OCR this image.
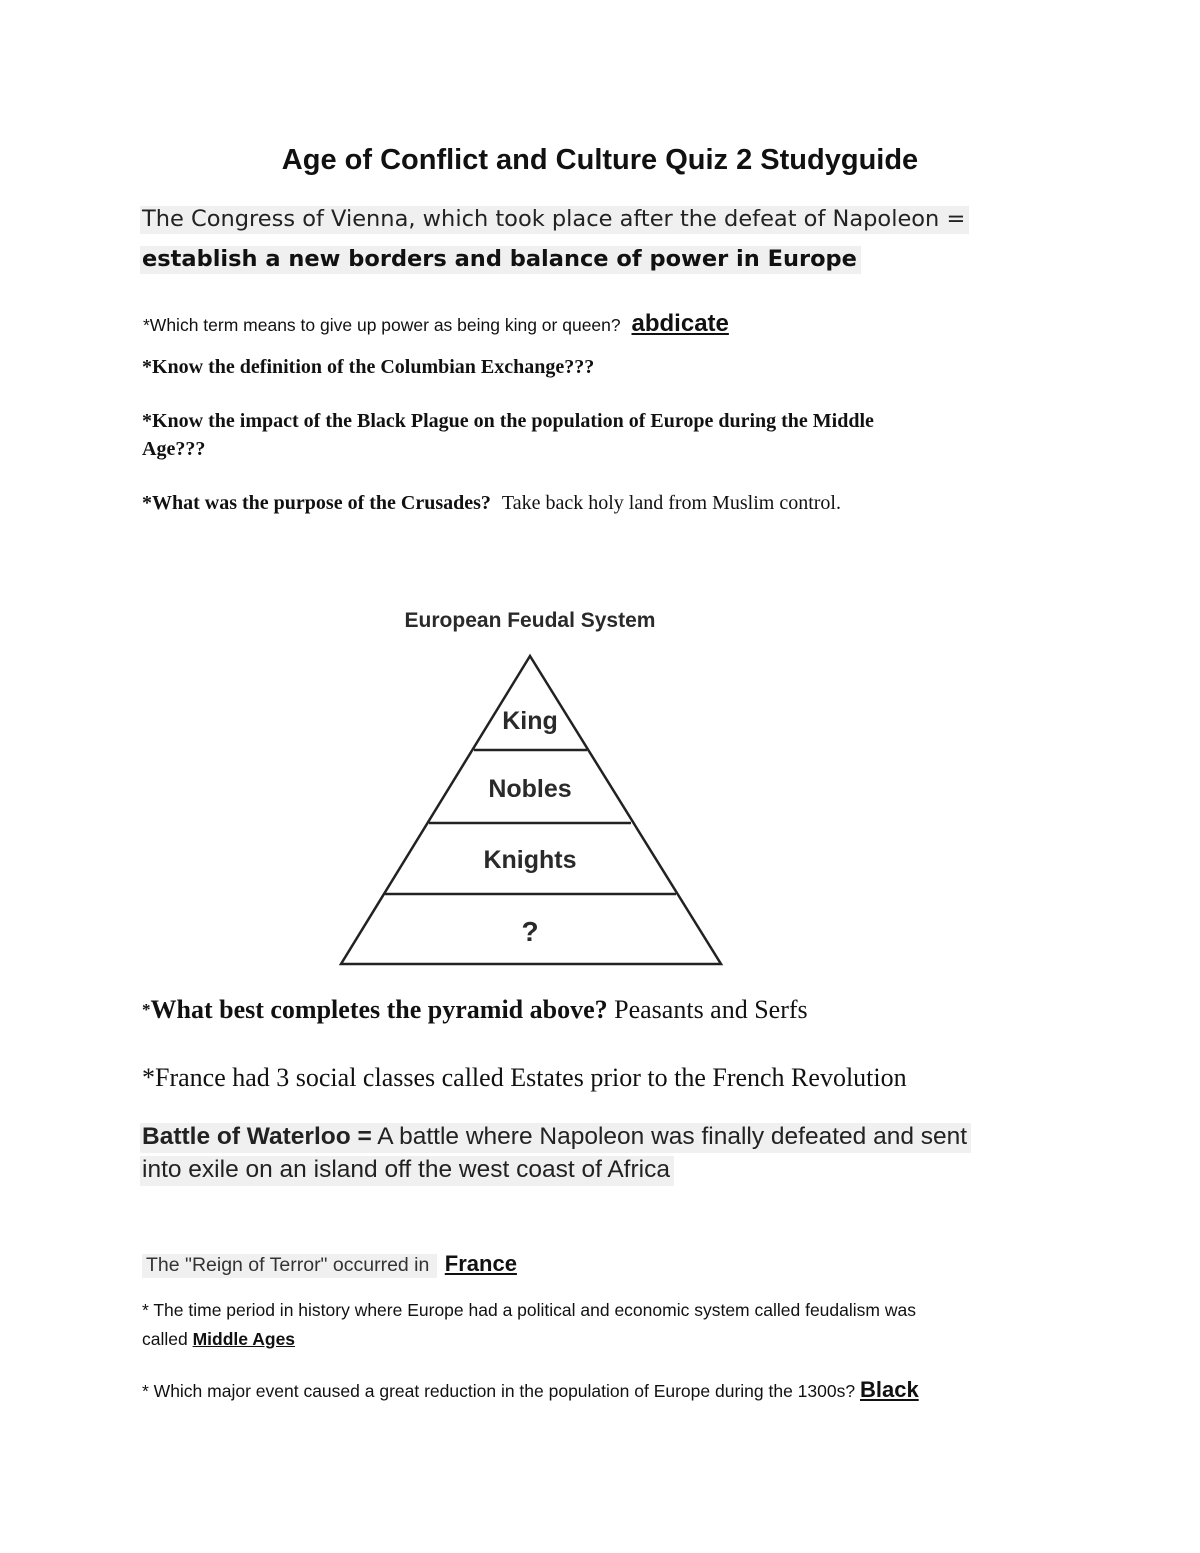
Age of Conflict and Culture Quiz 2 Studyguide
The Congress of Vienna, which took place after the defeat of Napoleon =
establish a new borders and balance of power in Europe
*Which term means to give up power as being king or queen? abdicate
*Know the definition of the Columbian Exchange???
*Know the impact of the Black Plague on the population of Europe during the Middle
Age???
*What was the purpose of the Crusades? Take back holy land from Muslim control.
European Feudal System
King
Nobles
Knights
?
*What best completes the pyramid above? Peasants and Serfs
*France had 3 social classes called Estates prior to the French Revolution
Battle of Waterloo = A battle where Napoleon was finally defeated and sent
into exile on an island off the west coast of Africa
The "Reign of Terror" occurred in France
* The time period in history where Europe had a political and economic system called feudalism was
called Middle Ages
* Which major event caused a great reduction in the population of Europe during the 1300s? Black
